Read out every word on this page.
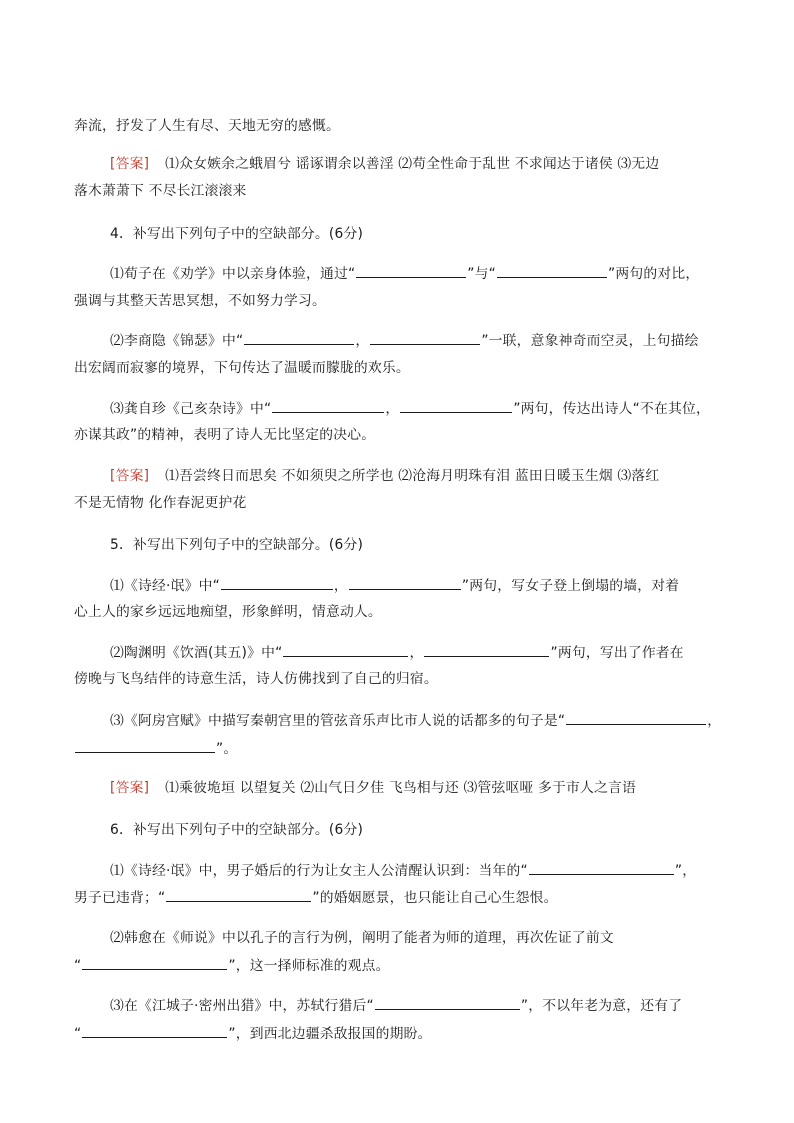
奔流，抒发了人生有尽、天地无穷的感慨。
[答案] ⑴众女嫉余之蛾眉兮 谣诼谓余以善淫 ⑵苟全性命于乱世 不求闻达于诸侯 ⑶无边
落木萧萧下 不尽长江滚滚来
4．补写出下列句子中的空缺部分。(6分)
⑴荀子在《劝学》中以亲身体验，通过“	”与“	”两句的对比，
强调与其整天苦思冥想，不如努力学习。
⑵李商隐《锦瑟》中“	，	”一联，意象神奇而空灵，上句描绘
出宏阔而寂寥的境界，下句传达了温暖而朦胧的欢乐。
⑶龚自珍《己亥杂诗》中“	，	”两句，传达出诗人“不在其位，
亦谋其政”的精神，表明了诗人无比坚定的决心。
[答案] ⑴吾尝终日而思矣 不如须臾之所学也 ⑵沧海月明珠有泪 蓝田日暖玉生烟 ⑶落红
不是无情物 化作春泥更护花
5．补写出下列句子中的空缺部分。(6分)
⑴《诗经·氓》中“	，	”两句，写女子登上倒塌的墙，对着
心上人的家乡远远地痴望，形象鲜明，情意动人。
⑵陶渊明《饮酒(其五)》中“	，	”两句，写出了作者在
傍晚与飞鸟结伴的诗意生活，诗人仿佛找到了自己的归宿。
⑶《阿房宫赋》中描写秦朝宫里的管弦音乐声比市人说的话都多的句子是“	，
”。
[答案] ⑴乘彼垝垣 以望复关 ⑵山气日夕佳 飞鸟相与还 ⑶管弦呕哑 多于市人之言语
6．补写出下列句子中的空缺部分。(6分)
⑴《诗经·氓》中，男子婚后的行为让女主人公清醒认识到：当年的“	”，
男子已违背；“	”的婚姻愿景，也只能让自己心生怨恨。
⑵韩愈在《师说》中以孔子的言行为例，阐明了能者为师的道理，再次佐证了前文
“	”，这一择师标准的观点。
⑶在《江城子·密州出猎》中，苏轼行猎后“	”，不以年老为意，还有了
“	”，到西北边疆杀敌报国的期盼。
